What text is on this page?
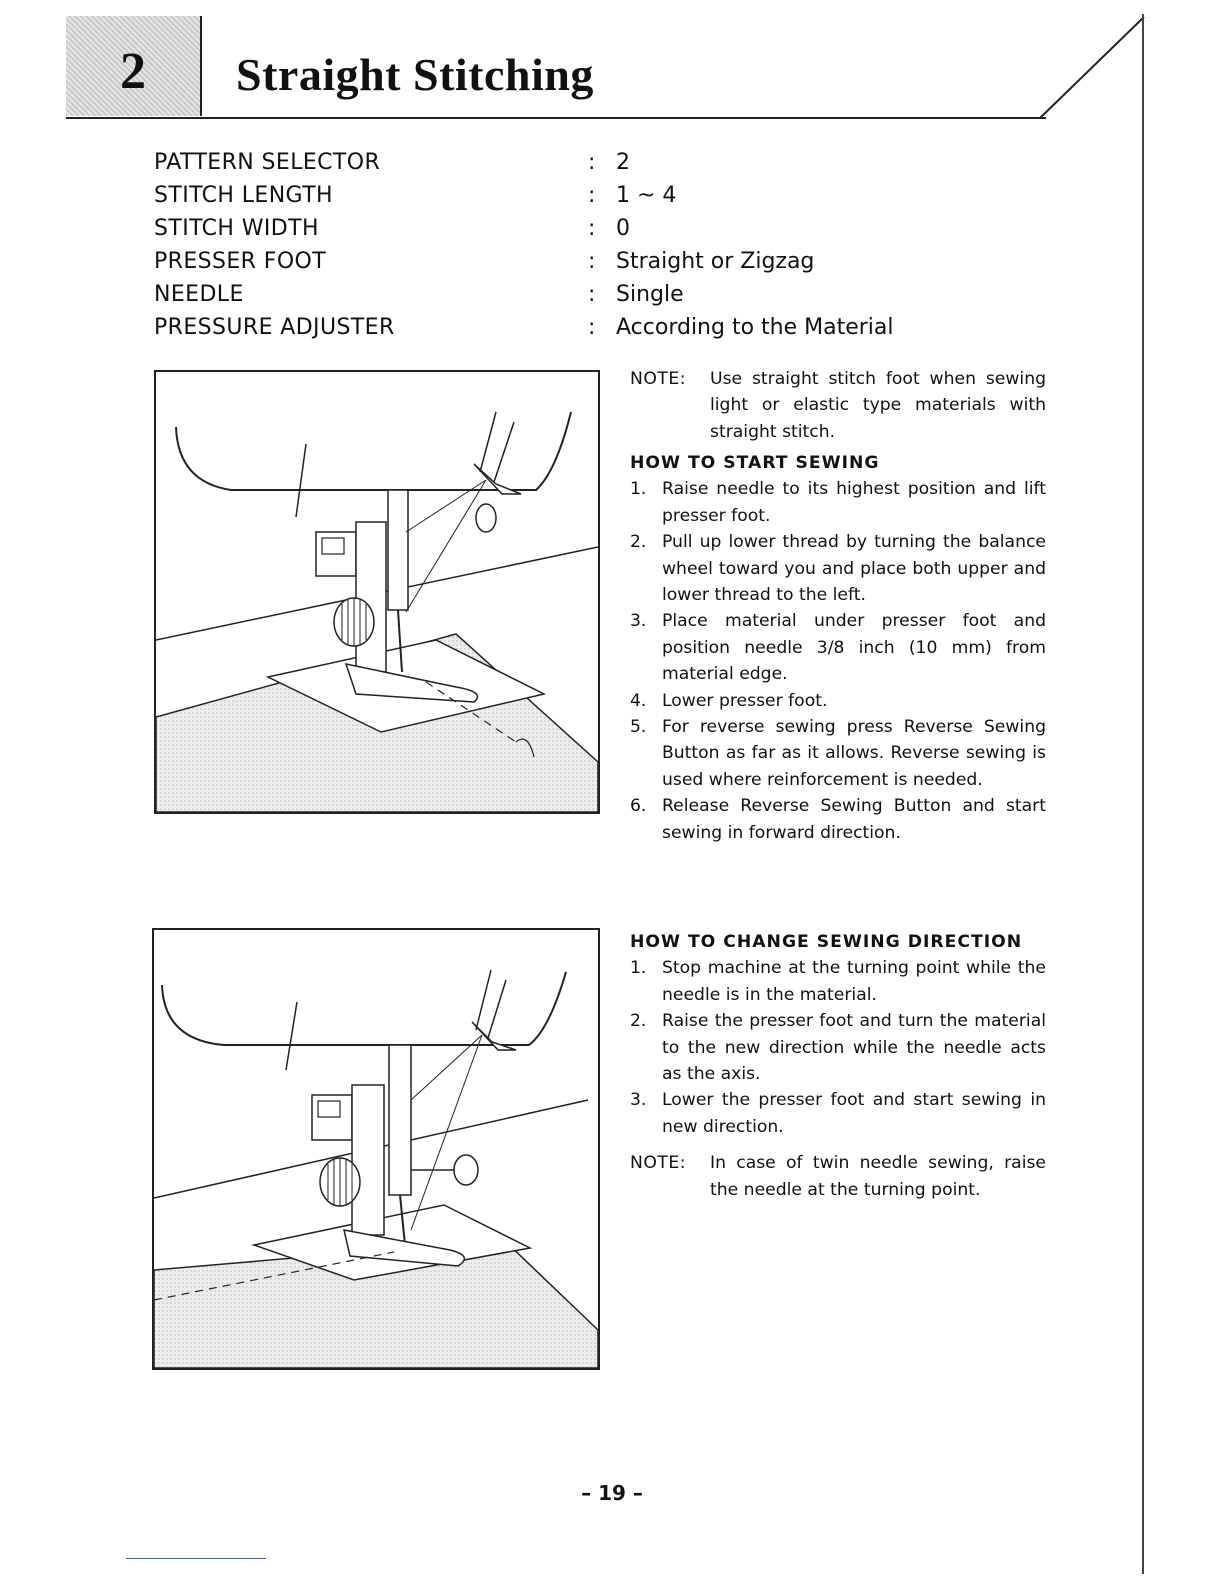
2	Straight Stitching
PATTERN SELECTOR	: 2
STITCH LENGTH	: 1 ~ 4
STITCH WIDTH	: 0
PRESSER FOOT	: Straight or Zigzag
NEEDLE	: Single
PRESSURE ADJUSTER	: According to the Material
NOTE:	Use straight stitch foot when sewing light or elastic type materials with straight stitch.
HOW TO START SEWING
1. Raise needle to its highest position and lift presser foot.
2. Pull up lower thread by turning the balance wheel toward you and place both upper and lower thread to the left.
3. Place material under presser foot and position needle 3/8 inch (10 mm) from material edge.
4. Lower presser foot.
5. For reverse sewing press Reverse Sewing Button as far as it allows. Reverse sewing is used where reinforcement is needed.
6. Release Reverse Sewing Button and start sewing in forward direction.
HOW TO CHANGE SEWING DIRECTION
1. Stop machine at the turning point while the needle is in the material.
2. Raise the presser foot and turn the material to the new direction while the needle acts as the axis.
3. Lower the presser foot and start sewing in new direction.
NOTE:	In case of twin needle sewing, raise the needle at the turning point.
– 19 –
